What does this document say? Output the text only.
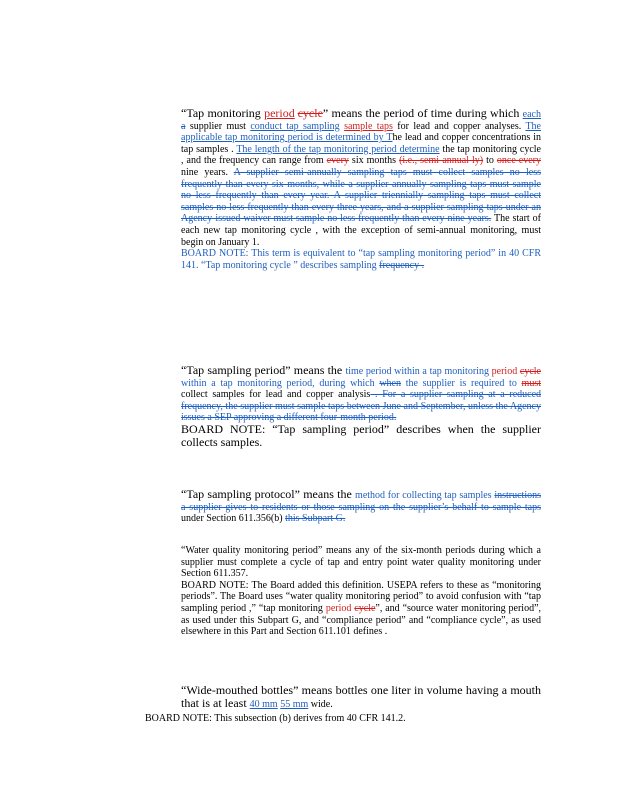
“Tap monitoring period cycle” means the period of time during which each a supplier must conduct tap sampling sample taps for lead and copper analyses. The applicable tap monitoring period is determined by The lead and copper concentrations in tap samples . The length of the tap monitoring period determine the tap monitoring cycle , and the frequency can range from every six months (i.e., semi-annual ly) to once every nine years. A supplier semi-annually sampling taps must collect samples no less frequently than every six months, while a supplier annually sampling taps must sample no less frequently than every year. A supplier triennially sampling taps must collect samples no less frequently than every three years, and a supplier sampling taps under an Agency-issued waiver must sample no less frequently than every nine years. The start of each new tap monitoring cycle , with the exception of semi-annual monitoring, must begin on January 1.
BOARD NOTE: This term is equivalent to “tap sampling monitoring period” in 40 CFR 141. “Tap monitoring cycle ” describes sampling frequency .
“Tap sampling period” means the time period within a tap monitoring period cycle within a tap monitoring period, during which when the supplier is required to must collect samples for lead and copper analysis . For a supplier sampling at a reduced frequency, the supplier must sample taps between June and September, unless the Agency issues a SEP approving a different four-month period.
BOARD NOTE: “Tap sampling period” describes when the supplier collects samples.
“Tap sampling protocol” means the method for collecting tap samples instructions a supplier gives to residents or those sampling on the supplier’s behalf to sample taps under Section 611.356(b) this Subpart G.
“Water quality monitoring period” means any of the six-month periods during which a supplier must complete a cycle of tap and entry point water quality monitoring under Section 611.357.
BOARD NOTE: The Board added this definition. USEPA refers to these as “monitoring periods”. The Board uses “water quality monitoring period” to avoid confusion with “tap sampling period ,” “tap monitoring period cycle”, and “source water monitoring period”, as used under this Subpart G, and “compliance period” and “compliance cycle”, as used elsewhere in this Part and Section 611.101 defines .
“Wide-mouthed bottles” means bottles one liter in volume having a mouth that is at least 40 mm 55 mm wide.
BOARD NOTE: This subsection (b) derives from 40 CFR 141.2.
